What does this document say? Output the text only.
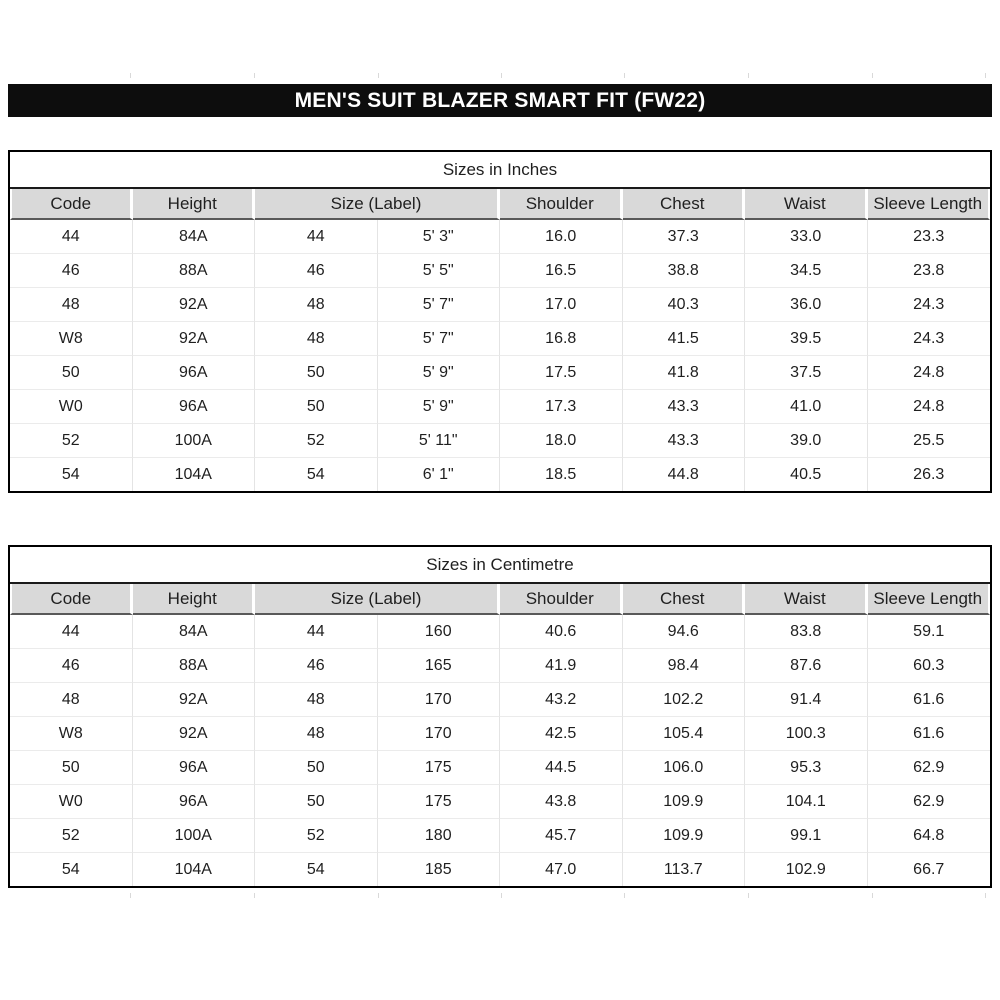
MEN'S SUIT BLAZER SMART FIT (FW22)
Sizes in Inches							
Code	Height	Size (Label)		Shoulder	Chest	Waist	Sleeve Length
44	84A	44	5' 3"	16.0	37.3	33.0	23.3
46	88A	46	5' 5"	16.5	38.8	34.5	23.8
48	92A	48	5' 7"	17.0	40.3	36.0	24.3
W8	92A	48	5' 7"	16.8	41.5	39.5	24.3
50	96A	50	5' 9"	17.5	41.8	37.5	24.8
W0	96A	50	5' 9"	17.3	43.3	41.0	24.8
52	100A	52	5' 11"	18.0	43.3	39.0	25.5
54	104A	54	6' 1"	18.5	44.8	40.5	26.3
Sizes in Centimetre							
Code	Height	Size (Label)		Shoulder	Chest	Waist	Sleeve Length
44	84A	44	160	40.6	94.6	83.8	59.1
46	88A	46	165	41.9	98.4	87.6	60.3
48	92A	48	170	43.2	102.2	91.4	61.6
W8	92A	48	170	42.5	105.4	100.3	61.6
50	96A	50	175	44.5	106.0	95.3	62.9
W0	96A	50	175	43.8	109.9	104.1	62.9
52	100A	52	180	45.7	109.9	99.1	64.8
54	104A	54	185	47.0	113.7	102.9	66.7
